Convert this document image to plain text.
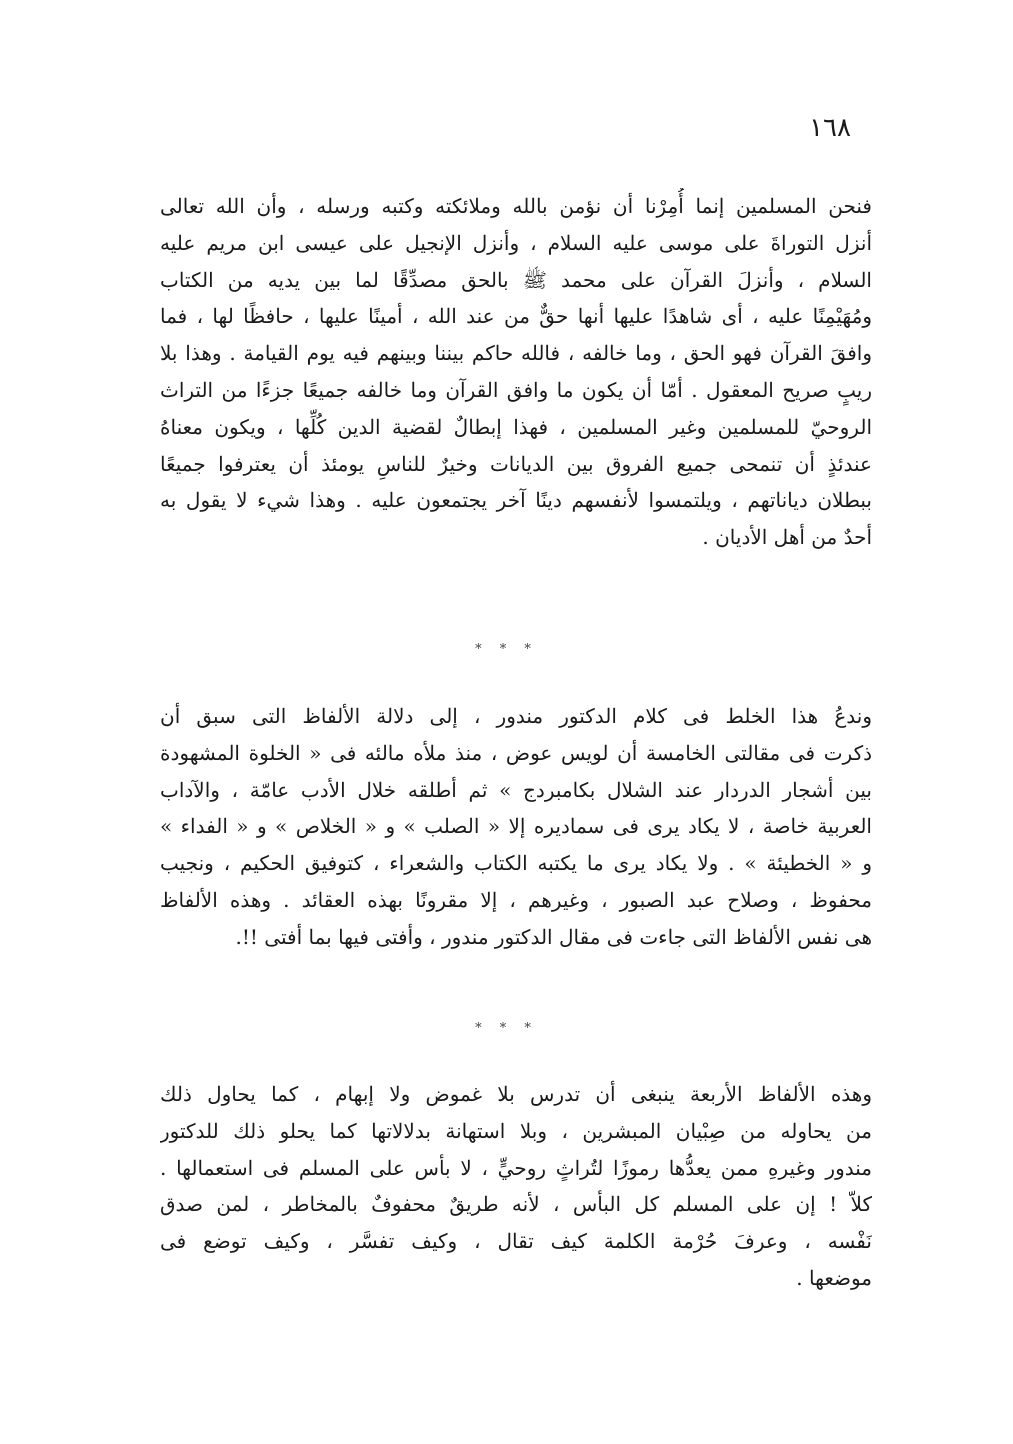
١٦٨
فنحن المسلمين إنما أُمِرْنا أن نؤمن بالله وملائكته وكتبه ورسله ، وأن الله تعالى
أنزل التوراةَ على موسى عليه السلام ، وأنزل الإنجيل على عيسى ابن مريم عليه
السلام ، وأنزلَ القرآن على محمد ﷺ بالحق مصدِّقًا لما بين يديه من الكتاب
ومُهَيْمِنًا عليه ، أى شاهدًا عليها أنها حقٌّ من عند الله ، أمينًا عليها ، حافظًا لها ، فما
وافقَ القرآن فهو الحق ، وما خالفه ، فالله حاكم بيننا وبينهم فيه يوم القيامة . وهذا بلا
ريبٍ صريح المعقول . أمّا أن يكون ما وافق القرآن وما خالفه جميعًا جزءًا من التراث
الروحيّ للمسلمين وغير المسلمين ، فهذا إبطالٌ لقضية الدين كُلِّها ، ويكون معناهُ
عندئذٍ أن تنمحى جميع الفروق بين الديانات وخيرٌ للناسِ يومئذ أن يعترفوا جميعًا
ببطلان دياناتهم ، ويلتمسوا لأنفسهم دينًا آخر يجتمعون عليه . وهذا شيء لا يقول به
أحدٌ من أهل الأديان .
* * *
وندعُ هذا الخلط فى كلام الدكتور مندور ، إلى دلالة الألفاظ التى سبق أن
ذكرت فى مقالتى الخامسة أن لويس عوض ، منذ ملأه مالئه فى « الخلوة المشهودة
بين أشجار الدردار عند الشلال بكامبردج » ثم أطلقه خلال الأدب عامّة ، والآداب
العربية خاصة ، لا يكاد يرى فى سماديره إلا « الصلب » و « الخلاص » و « الفداء »
و « الخطيئة » . ولا يكاد يرى ما يكتبه الكتاب والشعراء ، كتوفيق الحكيم ، ونجيب
محفوظ ، وصلاح عبد الصبور ، وغيرهم ، إلا مقرونًا بهذه العقائد . وهذه الألفاظ
هى نفس الألفاظ التى جاءت فى مقال الدكتور مندور ، وأفتى فيها بما أفتى !!.
* * *
وهذه الألفاظ الأربعة ينبغى أن تدرس بلا غموض ولا إبهام ، كما يحاول ذلك
من يحاوله من صِبْيان المبشرين ، وبلا استهانة بدلالاتها كما يحلو ذلك للدكتور
مندور وغيرهِ ممن يعدُّها رموزًا لتُراثٍ روحيٍّ ، لا بأس على المسلم فى استعمالها .
كلاّ ! إن على المسلم كل البأس ، لأنه طريقٌ محفوفٌ بالمخاطر ، لمن صدق
نَفْسه ، وعرفَ حُرْمة الكلمة كيف تقال ، وكيف تفسَّر ، وكيف توضع فى
موضعها .
